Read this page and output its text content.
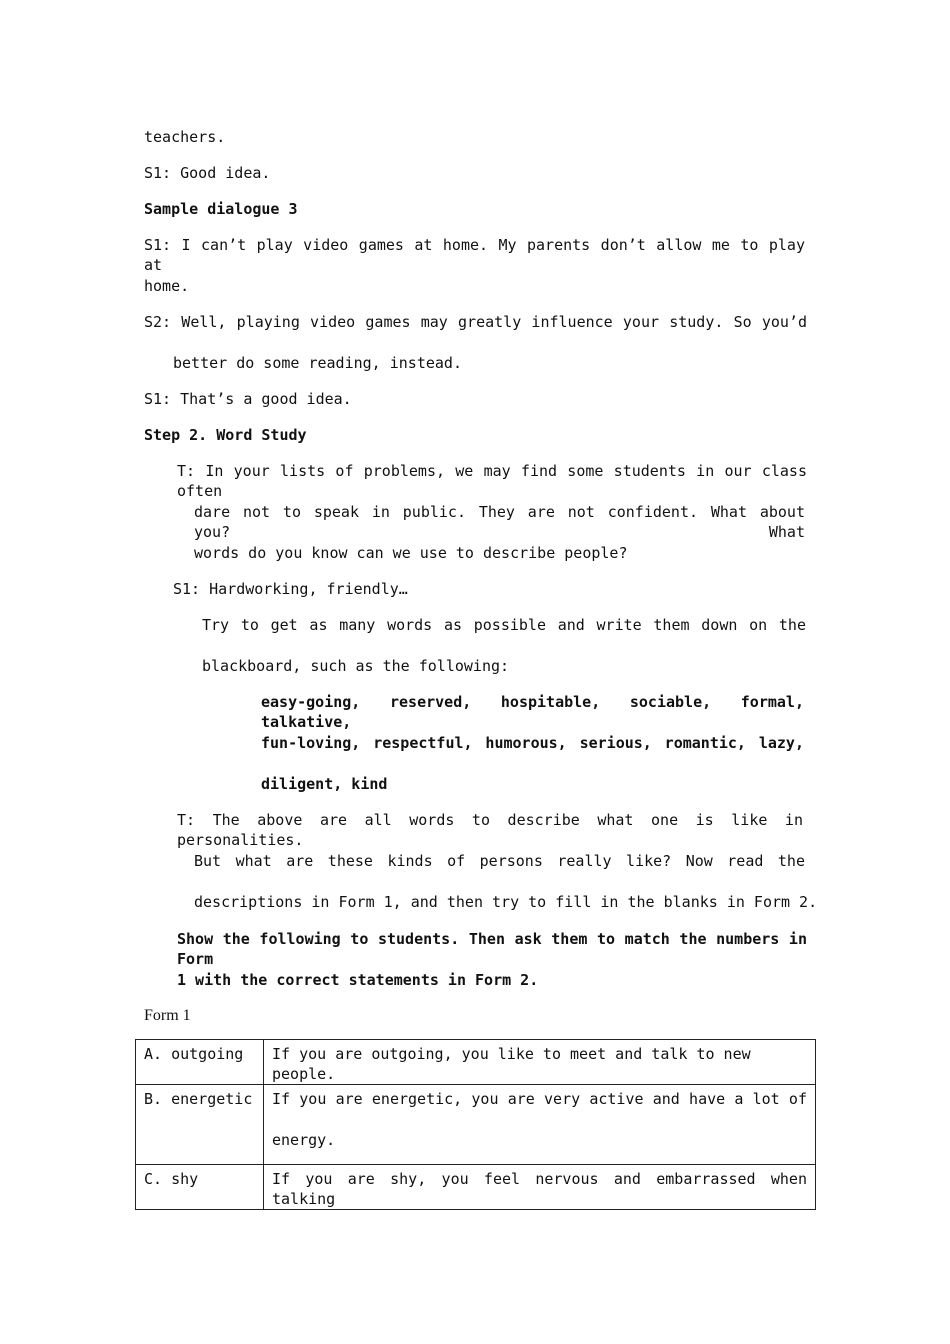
teachers.
S1: Good idea.
Sample dialogue 3
S1: I can’t play video games at home. My parents don’t allow me to play at
home.
S2: Well, playing video games may greatly influence your study. So you’d
better do some reading, instead.
S1: That’s a good idea.
Step 2. Word Study
T: In your lists of problems, we may find some students in our class often
dare not to speak in public. They are not confident. What about you? What
words do you know can we use to describe people?
S1: Hardworking, friendly…
Try to get as many words as possible and write them down on the
blackboard, such as the following:
easy-going, reserved, hospitable, sociable, formal, talkative,
fun-loving, respectful, humorous, serious, romantic, lazy,
diligent, kind
T: The above are all words to describe what one is like in personalities.
But what are these kinds of persons really like? Now read the
descriptions in Form 1, and then try to fill in the blanks in Form 2.
Show the following to students. Then ask them to match the numbers in Form
1 with the correct statements in Form 2.
Form 1
A. outgoing	If you are outgoing, you like to meet and talk to new people.
B. energetic	If you are energetic, you are very active and have a lot of
energy.

C. shy	If you are shy, you feel nervous and embarrassed when talking
